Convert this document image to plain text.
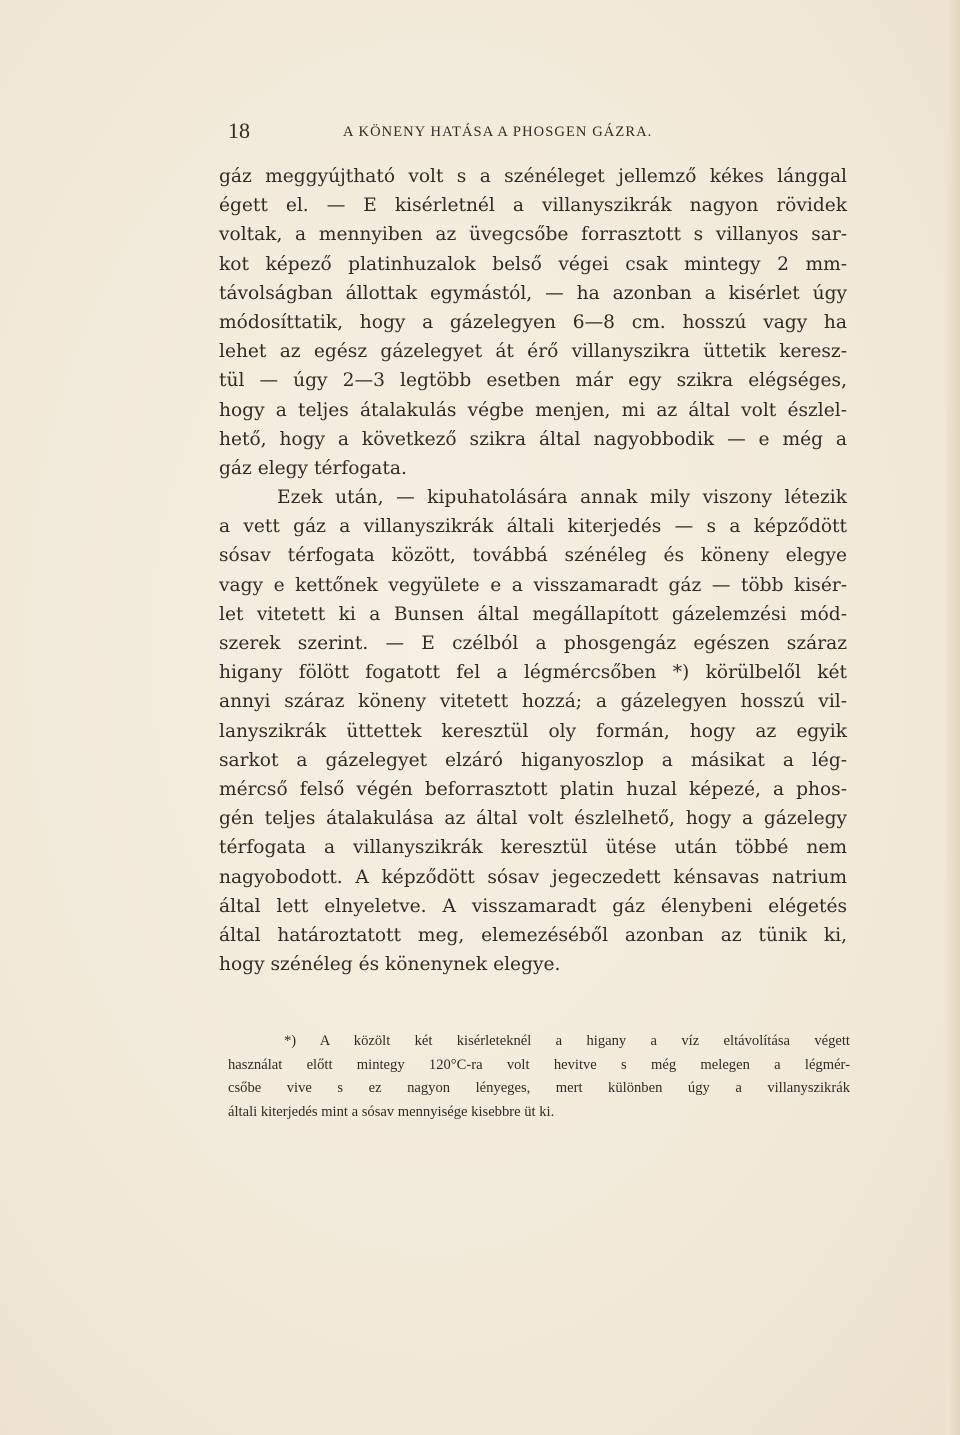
18	A KÖNENY HATÁSA A PHOSGEN GÁZRA.
gáz meggyújtható volt s a szénéleget jellemző kékes lánggal
égett el. — E kisérletnél a villanyszikrák nagyon rövidek
voltak, a mennyiben az üvegcsőbe forrasztott s villanyos sar-
kot képező platinhuzalok belső végei csak mintegy 2 mm-
távolságban állottak egymástól, — ha azonban a kisérlet úgy
módosíttatik, hogy a gázelegyen 6—8 cm. hosszú vagy ha
lehet az egész gázelegyet át érő villanyszikra üttetik keresz-
tül — úgy 2—3 legtöbb esetben már egy szikra elégséges,
hogy a teljes átalakulás végbe menjen, mi az által volt észlel-
hető, hogy a következő szikra által nagyobbodik — e még a
gáz elegy térfogata.
Ezek után, — kipuhatolására annak mily viszony létezik
a vett gáz a villanyszikrák általi kiterjedés — s a képződött
sósav térfogata között, továbbá szénéleg és köneny elegye
vagy e kettőnek vegyülete e a visszamaradt gáz — több kisér-
let vitetett ki a Bunsen által megállapított gázelemzési mód-
szerek szerint. — E czélból a phosgengáz egészen száraz
higany fölött fogatott fel a légmércsőben *) körülbelől két
annyi száraz köneny vitetett hozzá; a gázelegyen hosszú vil-
lanyszikrák üttettek keresztül oly formán, hogy az egyik
sarkot a gázelegyet elzáró higanyoszlop a másikat a lég-
mércső felső végén beforrasztott platin huzal képezé, a phos-
gén teljes átalakulása az által volt észlelhető, hogy a gázelegy
térfogata a villanyszikrák keresztül ütése után többé nem
nagyobodott. A képződött sósav jegeczedett kénsavas natrium
által lett elnyeletve. A visszamaradt gáz élenybeni elégetés
által határoztatott meg, elemezéséből azonban az tünik ki,
hogy szénéleg és könenynek elegye.
*) A közölt két kisérleteknél a higany a víz eltávolítása végett
használat előtt mintegy 120°C-ra volt hevitve s még melegen a légmér-
csőbe vive s ez nagyon lényeges, mert különben úgy a villanyszikrák
általi kiterjedés mint a sósav mennyisége kisebbre üt ki.
